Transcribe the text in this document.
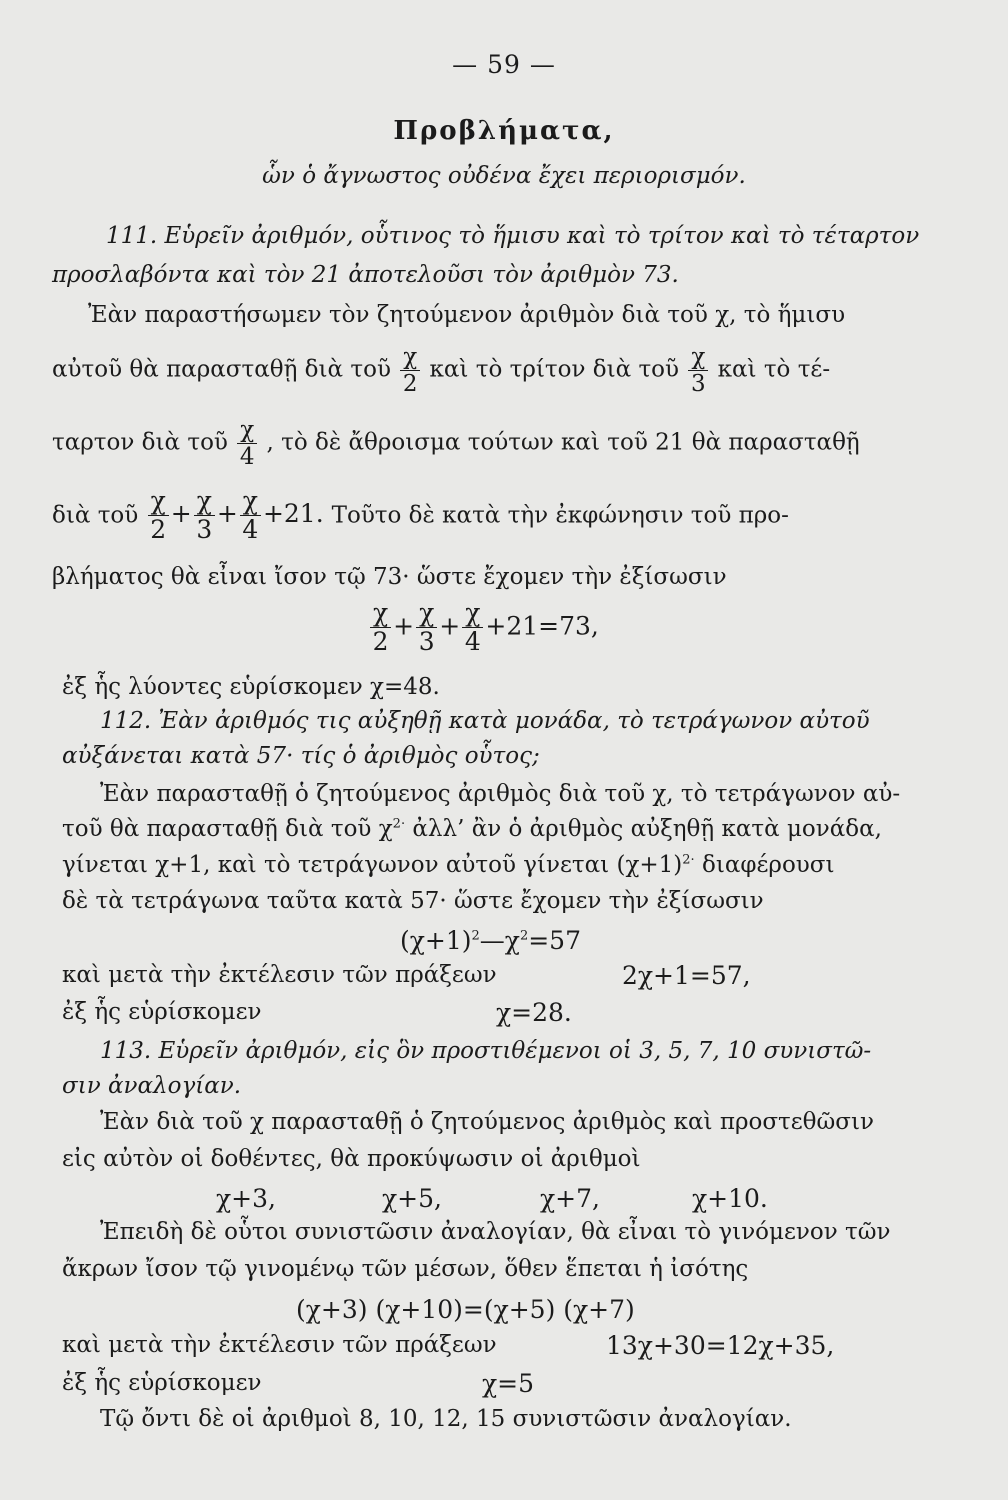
— 59 —
Προβλήματα,
ὧν ὁ ἄγνωστος οὐδένα ἔχει περιορισμόν.
111. Εὑρεῖν ἀριθμόν, οὗτινος τὸ ἥμισυ καὶ τὸ τρίτον καὶ τὸ τέταρτον
προσλαβόντα καὶ τὸν 21 ἀποτελοῦσι τὸν ἀριθμὸν 73.
Ἐὰν παραστήσωμεν τὸν ζητούμενον ἀριθμὸν διὰ τοῦ χ, τὸ ἥμισυ
αὐτοῦ θὰ παρασταθῇ διὰ τοῦ $\frac{\chi}{2}$ καὶ τὸ τρίτον διὰ τοῦ $\frac{\chi}{3}$ καὶ τὸ τέ-
ταρτον διὰ τοῦ $\frac{\chi}{4}$ , τὸ δὲ ἄθροισμα τούτων καὶ τοῦ 21 θὰ παρασταθῇ
διὰ τοῦ $\frac{\chi}{2} + \frac{\chi}{3} + \frac{\chi}{4} +21$. Τοῦτο δὲ κατὰ τὴν ἐκφώνησιν τοῦ προ-
βλήματος θὰ εἶναι ἴσον τῷ 73· ὥστε ἔχομεν τὴν ἐξίσωσιν
$\frac{\chi}{2} + \frac{\chi}{3} + \frac{\chi}{4} +21=73$,
ἐξ ἧς λύοντες εὑρίσκομεν χ=48.
112. Ἐὰν ἀριθμός τις αὐξηθῇ κατὰ μονάδα, τὸ τετράγωνον αὐτοῦ
αὐξάνεται κατὰ 57· τίς ὁ ἀριθμὸς οὗτος;
Ἐὰν παρασταθῇ ὁ ζητούμενος ἀριθμὸς διὰ τοῦ χ, τὸ τετράγωνον αὐ-
τοῦ θὰ παρασταθῇ διὰ τοῦ $\chi^{2\cdot}$ ἀλλ’ ἂν ὁ ἀριθμὸς αὐξηθῇ κατὰ μονάδα,
γίνεται χ+1, καὶ τὸ τετράγωνον αὐτοῦ γίνεται $(\chi+1)^{2\cdot}$ διαφέρουσι
δὲ τὰ τετράγωνα ταῦτα κατὰ 57· ὥστε ἔχομεν τὴν ἐξίσωσιν
$(\chi+1)^2—\chi^2=57$
καὶ μετὰ τὴν ἐκτέλεσιν τῶν πράξεων	2χ+1=57,
ἐξ ἧς εὑρίσκομεν	χ=28.
113. Εὑρεῖν ἀριθμόν, εἰς ὃν προστιθέμενοι οἱ 3, 5, 7, 10 συνιστῶ-
σιν ἀναλογίαν.
Ἐὰν διὰ τοῦ χ παρασταθῇ ὁ ζητούμενος ἀριθμὸς καὶ προστεθῶσιν
εἰς αὐτὸν οἱ δοθέντες, θὰ προκύψωσιν οἱ ἀριθμοὶ
χ+3,	χ+5,	χ+7,	χ+10.
Ἐπειδὴ δὲ οὗτοι συνιστῶσιν ἀναλογίαν, θὰ εἶναι τὸ γινόμενον τῶν
ἄκρων ἴσον τῷ γινομένῳ τῶν μέσων, ὅθεν ἕπεται ἡ ἰσότης
(χ+3) (χ+10)=(χ+5) (χ+7)
καὶ μετὰ τὴν ἐκτέλεσιν τῶν πράξεων	13χ+30=12χ+35,
ἐξ ἧς εὑρίσκομεν	χ=5
Τῷ ὄντι δὲ οἱ ἀριθμοὶ 8, 10, 12, 15 συνιστῶσιν ἀναλογίαν.
